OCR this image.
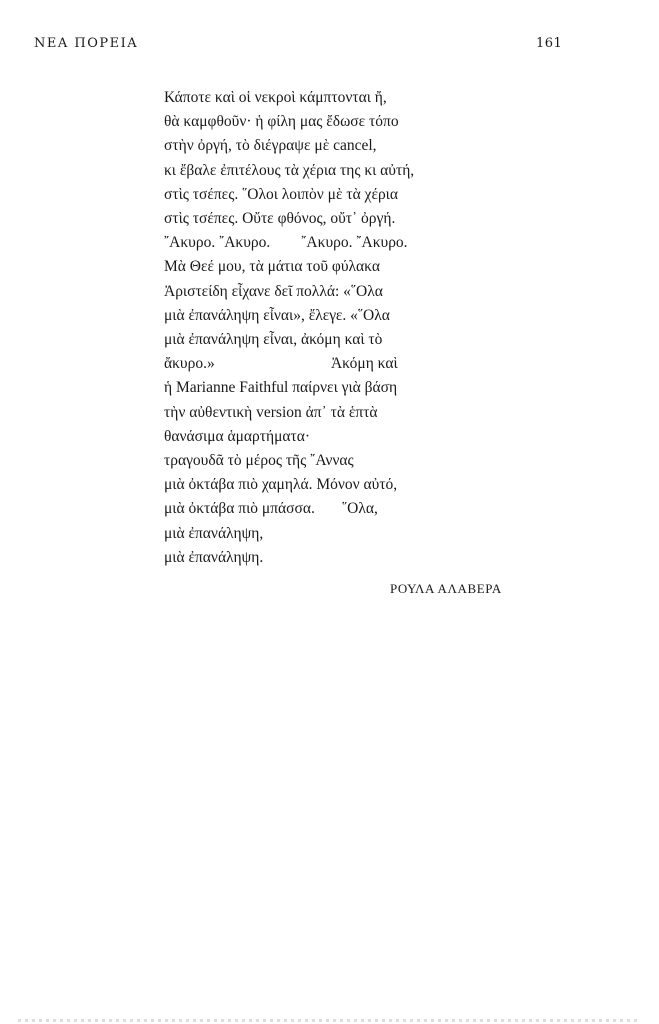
ΝΕΑ ΠΟΡΕΙΑ	161
Κάποτε καὶ οἱ νεκροὶ κάμπτονται ἤ,
θὰ καμφθοῦν· ἡ φίλη μας ἔδωσε τόπο
στὴν ὀργή, τὸ διέγραψε μὲ cancel,
κι ἔβαλε ἐπιτέλους τὰ χέρια της κι αὐτή,
στὶς τσέπες. ῞Ολοι λοιπὸν μὲ τὰ χέρια
στὶς τσέπες. Οὔτε φθόνος, οὔτ᾽ ὀργή.
῎Ακυρο. ῎Ακυρο.        ῎Ακυρο. ῎Ακυρο.
Μὰ Θεέ μου, τὰ μάτια τοῦ φύλακα
Ἀριστείδη εἶχανε δεῖ πολλά: «῞Ολα
μιὰ ἐπανάληψη εἶναι», ἔλεγε. «῞Ολα
μιὰ ἐπανάληψη εἶναι, ἀκόμη καὶ τὸ
ἄκυρο.»                              Ἀκόμη καὶ
ἡ Marianne Faithful παίρνει γιὰ βάση
τὴν αὐθεντικὴ version ἀπ᾽ τὰ ἑπτὰ
θανάσιμα ἁμαρτήματα·
τραγουδᾶ τὸ μέρος τῆς ῎Αννας
μιὰ ὀκτάβα πιὸ χαμηλά. Μόνον αὐτό,
μιὰ ὀκτάβα πιὸ μπάσσα.       ῞Ολα,
μιὰ ἐπανάληψη,
μιὰ ἐπανάληψη.
ΡΟΥΛΑ ΑΛΑΒΕΡΑ
